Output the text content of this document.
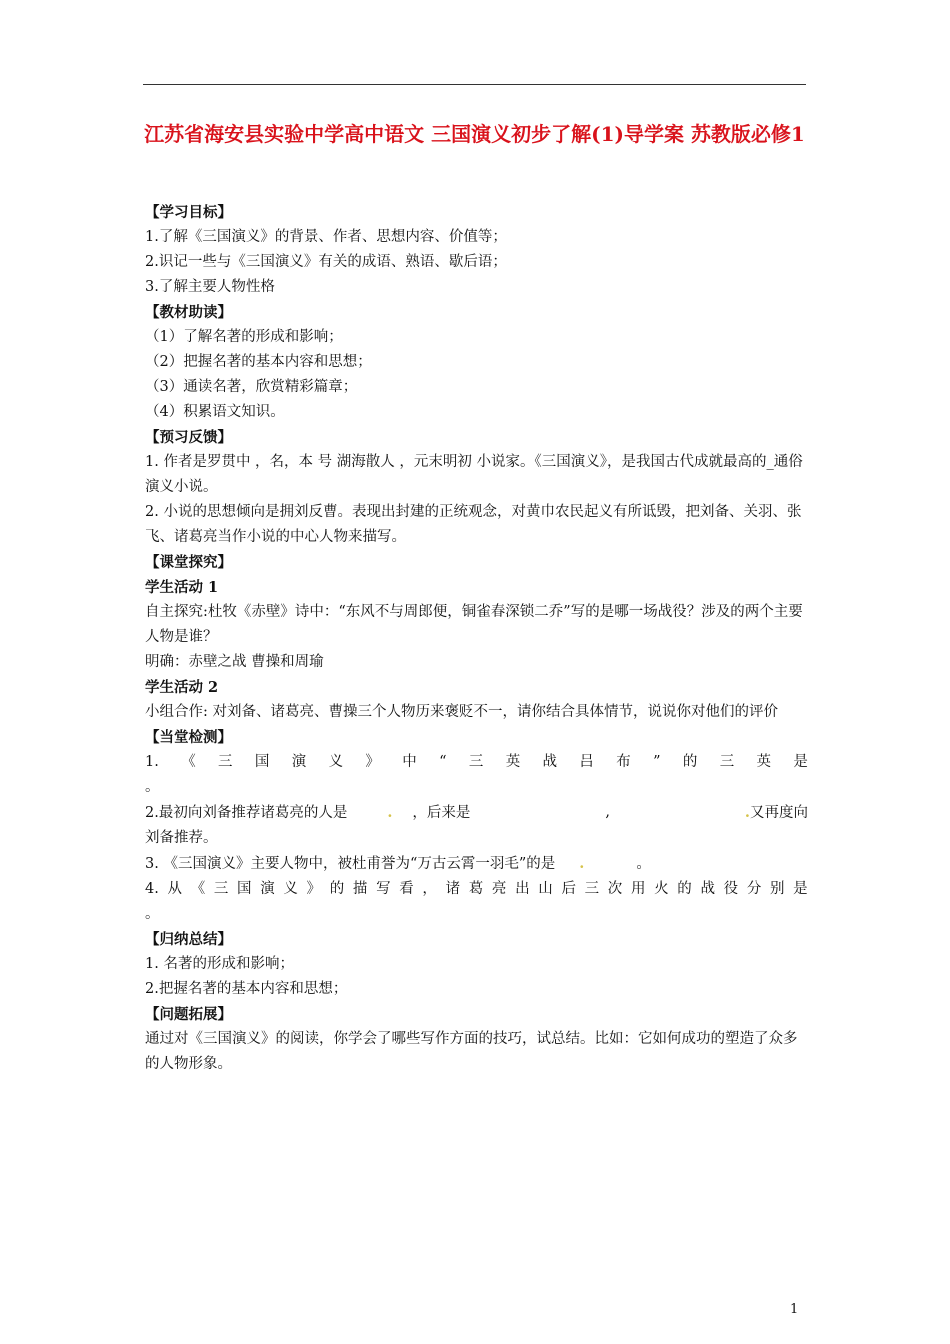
江苏省海安县实验中学高中语文 三国演义初步了解(1)导学案 苏教版必修1

【学习目标】

1.了解《三国演义》的背景、作者、思想内容、价值等；

2.识记一些与《三国演义》有关的成语、熟语、歇后语；

3.了解主要人物性格

【教材助读】

（1）了解名著的形成和影响；

（2）把握名著的基本内容和思想；

（3）通读名著，欣赏精彩篇章；

（4）积累语文知识。

【预习反馈】

1. 作者是罗贯中 ，名，本 号 湖海散人 ，元末明初 小说家。《三国演义》，是我国古代成就最高的_通俗演义小说。

2. 小说的思想倾向是拥刘反曹。表现出封建的正统观念，对黄巾农民起义有所诋毁，把刘备、关羽、张飞、诸葛亮当作小说的中心人物来描写。

【课堂探究】

学生活动 1

自主探究:杜牧《赤壁》诗中：“东风不与周郎便，铜雀春深锁二乔”写的是哪一场战役？涉及的两个主要人物是谁？

明确：赤壁之战 曹操和周瑜

学生活动 2

小组合作: 对刘备、诸葛亮、曹操三个人物历来褒贬不一，请你结合具体情节，说说你对他们的评价

【当堂检测】

1. 《 三 国 演 义 》 中 “ 三 英 战 吕 布 ” 的 三 英 是

。

2.最初向刘备推荐诸葛亮的人是	. ，后来是	,	.又再度向

刘备推荐。

3. 《三国演义》主要人物中，被杜甫誉为“万古云霄一羽毛”的是 .	。

4. 从 《 三 国 演 义 》 的 描 写 看 ， 诸 葛 亮 出 山 后 三 次 用 火 的 战 役 分 别 是

。

【归纳总结】

1. 名著的形成和影响；

2.把握名著的基本内容和思想；

【问题拓展】

通过对《三国演义》的阅读，你学会了哪些写作方面的技巧，试总结。比如：它如何成功的塑造了众多的人物形象。

1
